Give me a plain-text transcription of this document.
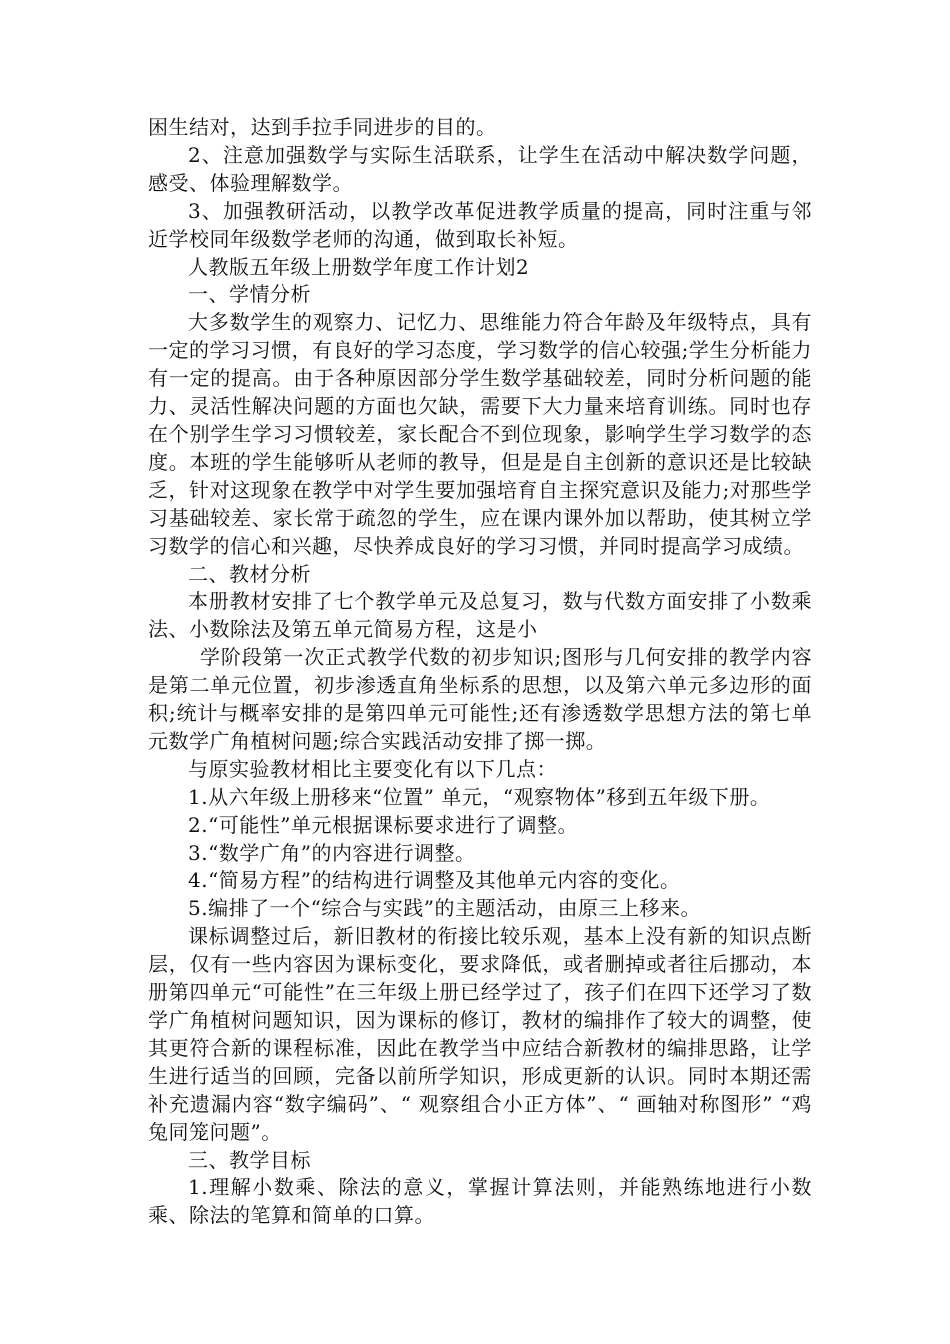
困生结对，达到手拉手同进步的目的。

2、注意加强数学与实际生活联系，让学生在活动中解决数学问题，感受、体验理解数学。

3、加强教研活动，以教学改革促进教学质量的提高，同时注重与邻近学校同年级数学老师的沟通，做到取长补短。

人教版五年级上册数学年度工作计划2

一、学情分析

大多数学生的观察力、记忆力、思维能力符合年龄及年级特点，具有一定的学习习惯，有良好的学习态度，学习数学的信心较强;学生分析能力有一定的提高。由于各种原因部分学生数学基础较差，同时分析问题的能力、灵活性解决问题的方面也欠缺，需要下大力量来培育训练。同时也存在个别学生学习习惯较差，家长配合不到位现象，影响学生学习数学的态度。本班的学生能够听从老师的教导，但是是自主创新的意识还是比较缺乏，针对这现象在教学中对学生要加强培育自主探究意识及能力;对那些学习基础较差、家长常于疏忽的学生，应在课内课外加以帮助，使其树立学习数学的信心和兴趣，尽快养成良好的学习习惯，并同时提高学习成绩。

二、教材分析

本册教材安排了七个教学单元及总复习，数与代数方面安排了小数乘法、小数除法及第五单元简易方程，这是小

学阶段第一次正式教学代数的初步知识;图形与几何安排的教学内容是第二单元位置，初步渗透直角坐标系的思想，以及第六单元多边形的面积;统计与概率安排的是第四单元可能性;还有渗透数学思想方法的第七单元数学广角植树问题;综合实践活动安排了掷一掷。

与原实验教材相比主要变化有以下几点：

1.从六年级上册移来“位置” 单元，“观察物体”移到五年级下册。

2.“可能性”单元根据课标要求进行了调整。

3.“数学广角”的内容进行调整。

4.“简易方程”的结构进行调整及其他单元内容的变化。

5.编排了一个“综合与实践”的主题活动，由原三上移来。

课标调整过后，新旧教材的衔接比较乐观，基本上没有新的知识点断层，仅有一些内容因为课标变化，要求降低，或者删掉或者往后挪动，本册第四单元“可能性”在三年级上册已经学过了，孩子们在四下还学习了数学广角植树问题知识，因为课标的修订，教材的编排作了较大的调整，使其更符合新的课程标准，因此在教学当中应结合新教材的编排思路，让学生进行适当的回顾，完备以前所学知识，形成更新的认识。同时本期还需补充遗漏内容“数字编码”、“ 观察组合小正方体”、“ 画轴对称图形” “鸡兔同笼问题”。

三、教学目标

1.理解小数乘、除法的意义，掌握计算法则，并能熟练地进行小数乘、除法的笔算和简单的口算。
